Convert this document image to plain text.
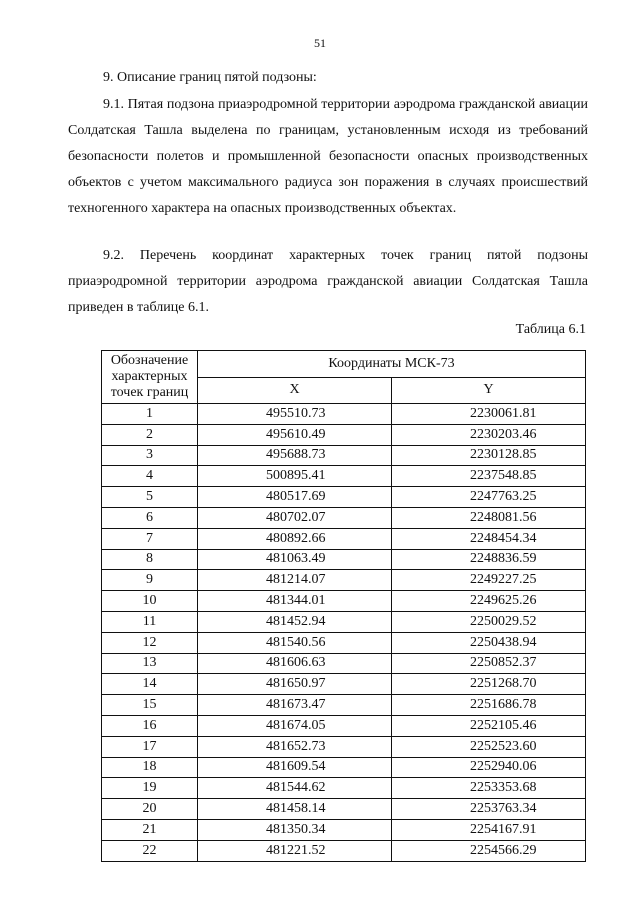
51
9. Описание границ пятой подзоны:

9.1. Пятая подзона приаэродромной территории аэродрома гражданской авиации Солдатская Ташла выделена по границам, установленным исходя из требований безопасности полетов и промышленной безопасности опасных производственных объектов с учетом максимального радиуса зон поражения в случаях происшествий техногенного характера на опасных производственных объектах.

9.2. Перечень координат характерных точек границ пятой подзоны приаэродромной территории аэродрома гражданской авиации Солдатская Ташла приведен в таблице 6.1.

Таблица 6.1
Обозначение характерных точек границ	Координаты МСК-73	
	X	Y
1	495510.73	2230061.81
2	495610.49	2230203.46
3	495688.73	2230128.85
4	500895.41	2237548.85
5	480517.69	2247763.25
6	480702.07	2248081.56
7	480892.66	2248454.34
8	481063.49	2248836.59
9	481214.07	2249227.25
10	481344.01	2249625.26
11	481452.94	2250029.52
12	481540.56	2250438.94
13	481606.63	2250852.37
14	481650.97	2251268.70
15	481673.47	2251686.78
16	481674.05	2252105.46
17	481652.73	2252523.60
18	481609.54	2252940.06
19	481544.62	2253353.68
20	481458.14	2253763.34
21	481350.34	2254167.91
22	481221.52	2254566.29
